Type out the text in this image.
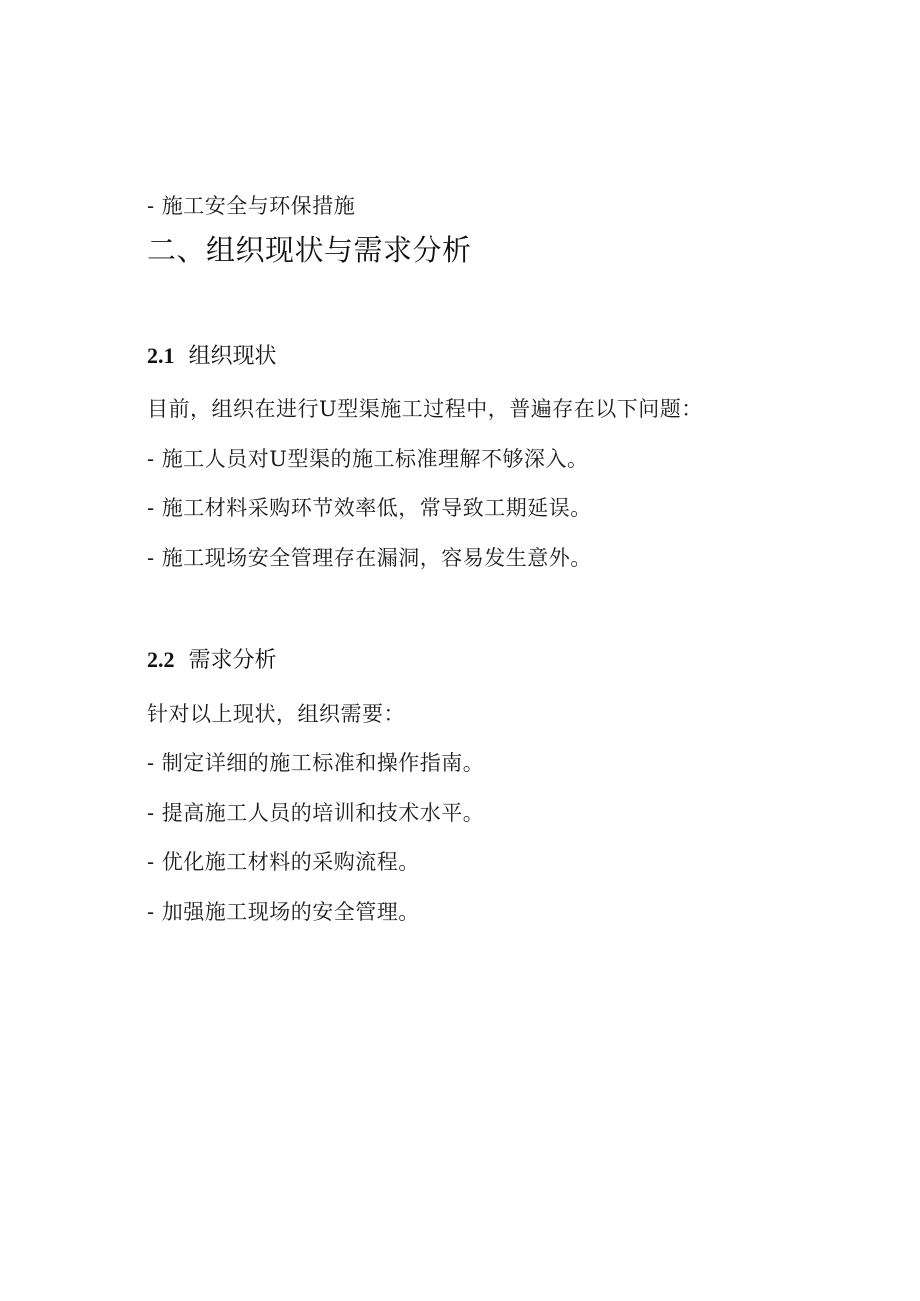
- 施工安全与环保措施
二、组织现状与需求分析
2.1 组织现状
目前，组织在进行U型渠施工过程中，普遍存在以下问题：
- 施工人员对U型渠的施工标准理解不够深入。
- 施工材料采购环节效率低，常导致工期延误。
- 施工现场安全管理存在漏洞，容易发生意外。
2.2 需求分析
针对以上现状，组织需要：
- 制定详细的施工标准和操作指南。
- 提高施工人员的培训和技术水平。
- 优化施工材料的采购流程。
- 加强施工现场的安全管理。
